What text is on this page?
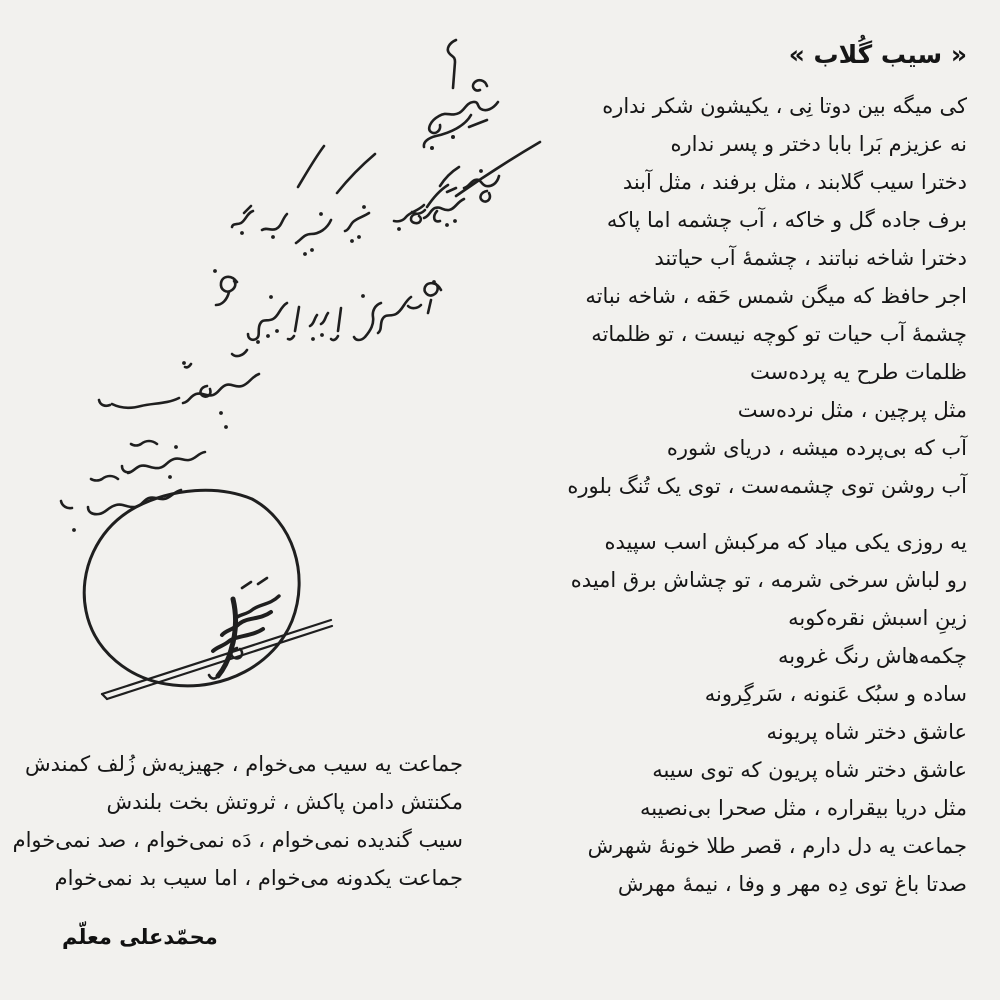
« سیب گُلاب »
کی میگه بین دوتا نِی ، یکیشون شکر نداره
نه عزیزم بَرا بابا دختر و پسر نداره
دخترا سیب گلابند ، مثل برفند ، مثل آبند
برف جاده گل و خاکه ، آب چشمه اما پاکه
دخترا شاخه نباتند ، چشمۀ آب حیاتند
اجر حافظ که میگن شمس حَقه ، شاخه نباته
چشمۀ آب حیات تو کوچه نیست ، تو ظلماته
ظلمات طرح یه پرده‌ست
مثل پرچین ، مثل نرده‌ست
آب که بی‌پرده میشه ، دریای شوره
آب روشن توی چشمه‌ست ، توی یک تُنگ بلوره
یه روزی یکی میاد که مرکبش اسب سپیده
رو لباش سرخی شرمه ، تو چشاش برق امیده
زینِ اسبش نقره‌کوبه
چکمه‌هاش رنگ غروبه
ساده و سبُک عَنونه ، سَرگِرونه
عاشق دختر شاه پریونه
عاشق دختر شاه پریون که توی سیبه
مثل دریا بیقراره ، مثل صحرا بی‌نصیبه
جماعت یه دل دارم ، قصر طلا خونۀ شهرش
صدتا باغ توی دِه مهر و وفا ، نیمۀ مهرش
جماعت یه سیب می‌خوام ، جهیزیه‌ش زُلف کمندش
مکنتش دامن پاکش ، ثروتش بخت بلندش
سیب گندیده نمی‌خوام ، دَه نمی‌خوام ، صد نمی‌خوام
جماعت یکدونه می‌خوام ، اما سیب بد نمی‌خوام
محمّدعلی معلّم
